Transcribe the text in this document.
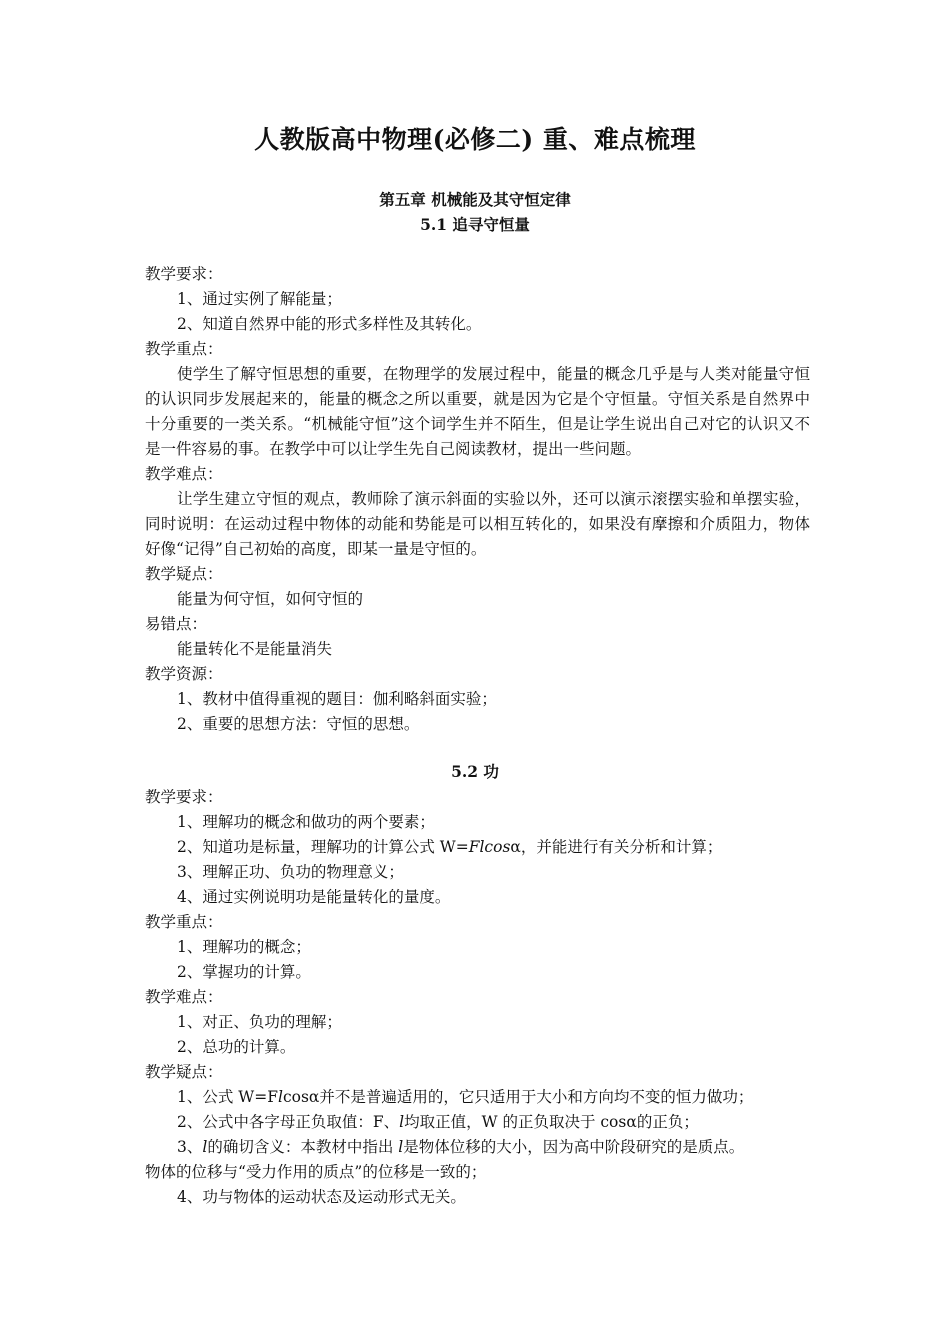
人教版高中物理(必修二) 重、难点梳理
第五章 机械能及其守恒定律
5.1 追寻守恒量
教学要求：
1、通过实例了解能量；
2、知道自然界中能的形式多样性及其转化。
教学重点：

使学生了解守恒思想的重要，在物理学的发展过程中，能量的概念几乎是与人类对能量守恒的认识同步发展起来的，能量的概念之所以重要，就是因为它是个守恒量。守恒关系是自然界中十分重要的一类关系。“机械能守恒”这个词学生并不陌生，但是让学生说出自己对它的认识又不是一件容易的事。在教学中可以让学生先自己阅读教材，提出一些问题。

教学难点：

让学生建立守恒的观点，教师除了演示斜面的实验以外，还可以演示滚摆实验和单摆实验，同时说明：在运动过程中物体的动能和势能是可以相互转化的，如果没有摩擦和介质阻力，物体好像“记得”自己初始的高度，即某一量是守恒的。

教学疑点：
能量为何守恒，如何守恒的
易错点：
能量转化不是能量消失
教学资源：
1、教材中值得重视的题目：伽利略斜面实验；
2、重要的思想方法：守恒的思想。
5.2 功
教学要求：
1、理解功的概念和做功的两个要素；
2、知道功是标量，理解功的计算公式 W=Flcosα，并能进行有关分析和计算；
3、理解正功、负功的物理意义；
4、通过实例说明功是能量转化的量度。
教学重点：
1、理解功的概念；
2、掌握功的计算。
教学难点：
1、对正、负功的理解；
2、总功的计算。
教学疑点：
1、公式 W=Flcosα并不是普遍适用的，它只适用于大小和方向均不变的恒力做功；
2、公式中各字母正负取值：F、l均取正值，W 的正负取决于 cosα的正负；
3、l的确切含义：本教材中指出 l是物体位移的大小，因为高中阶段研究的是质点。
物体的位移与“受力作用的质点”的位移是一致的；
4、功与物体的运动状态及运动形式无关。
